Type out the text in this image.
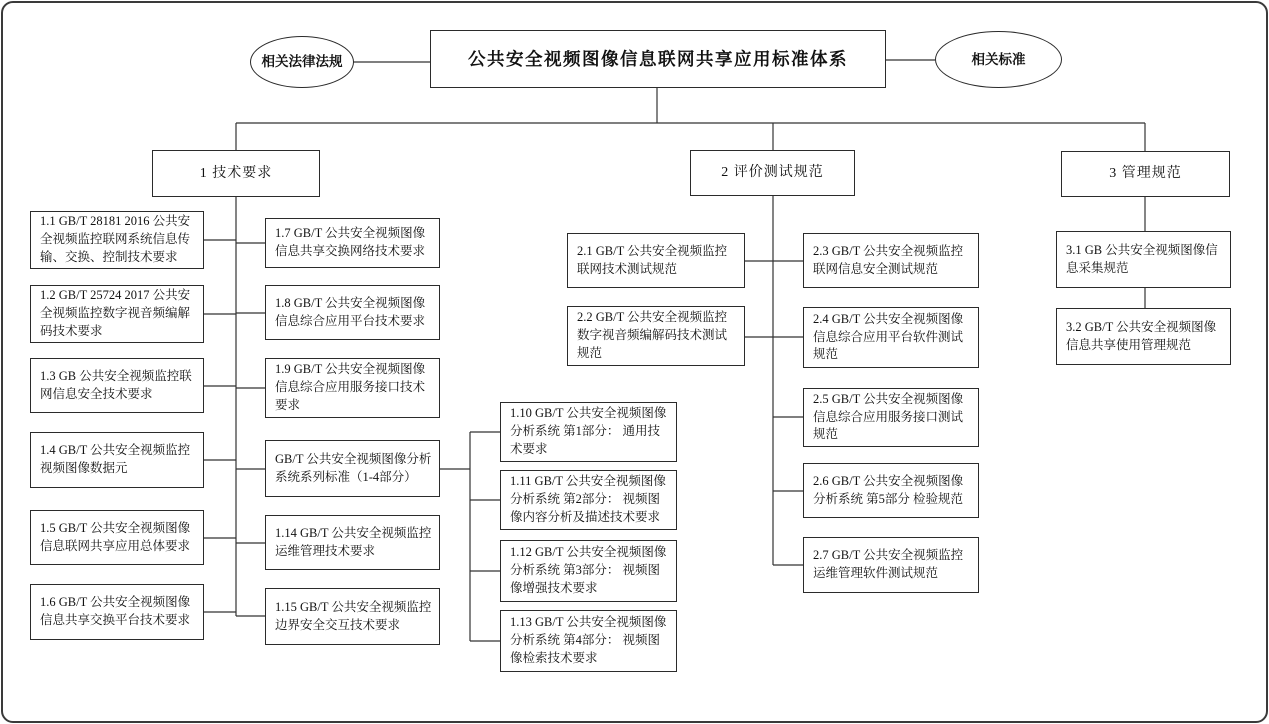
相关法律法规	公共安全视频图像信息联网共享应用标准体系	相关标准
1 技术要求	2 评价测试规范	3 管理规范
1.1 GB/T 28181 2016 公共安全视频监控联网系统信息传输、交换、控制技术要求
1.2 GB/T 25724 2017 公共安全视频监控数字视音频编解码技术要求
1.3 GB 公共安全视频监控联网信息安全技术要求
1.4 GB/T 公共安全视频监控视频图像数据元
1.5 GB/T 公共安全视频图像信息联网共享应用总体要求
1.6 GB/T 公共安全视频图像信息共享交换平台技术要求
1.7 GB/T 公共安全视频图像信息共享交换网络技术要求
1.8 GB/T 公共安全视频图像信息综合应用平台技术要求
1.9 GB/T 公共安全视频图像信息综合应用服务接口技术要求
GB/T 公共安全视频图像分析系统系列标准（1-4部分）
1.14 GB/T 公共安全视频监控运维管理技术要求
1.15 GB/T 公共安全视频监控边界安全交互技术要求
1.10 GB/T 公共安全视频图像分析系统 第1部分： 通用技术要求
1.11 GB/T 公共安全视频图像分析系统 第2部分： 视频图像内容分析及描述技术要求
1.12 GB/T 公共安全视频图像分析系统 第3部分： 视频图像增强技术要求
1.13 GB/T 公共安全视频图像分析系统 第4部分： 视频图像检索技术要求
2.1 GB/T 公共安全视频监控联网技术测试规范
2.2 GB/T 公共安全视频监控数字视音频编解码技术测试规范
2.3 GB/T 公共安全视频监控联网信息安全测试规范
2.4 GB/T 公共安全视频图像信息综合应用平台软件测试规范
2.5 GB/T 公共安全视频图像信息综合应用服务接口测试规范
2.6 GB/T 公共安全视频图像分析系统 第5部分 检验规范
2.7 GB/T 公共安全视频监控运维管理软件测试规范
3.1 GB 公共安全视频图像信息采集规范
3.2 GB/T 公共安全视频图像信息共享使用管理规范
